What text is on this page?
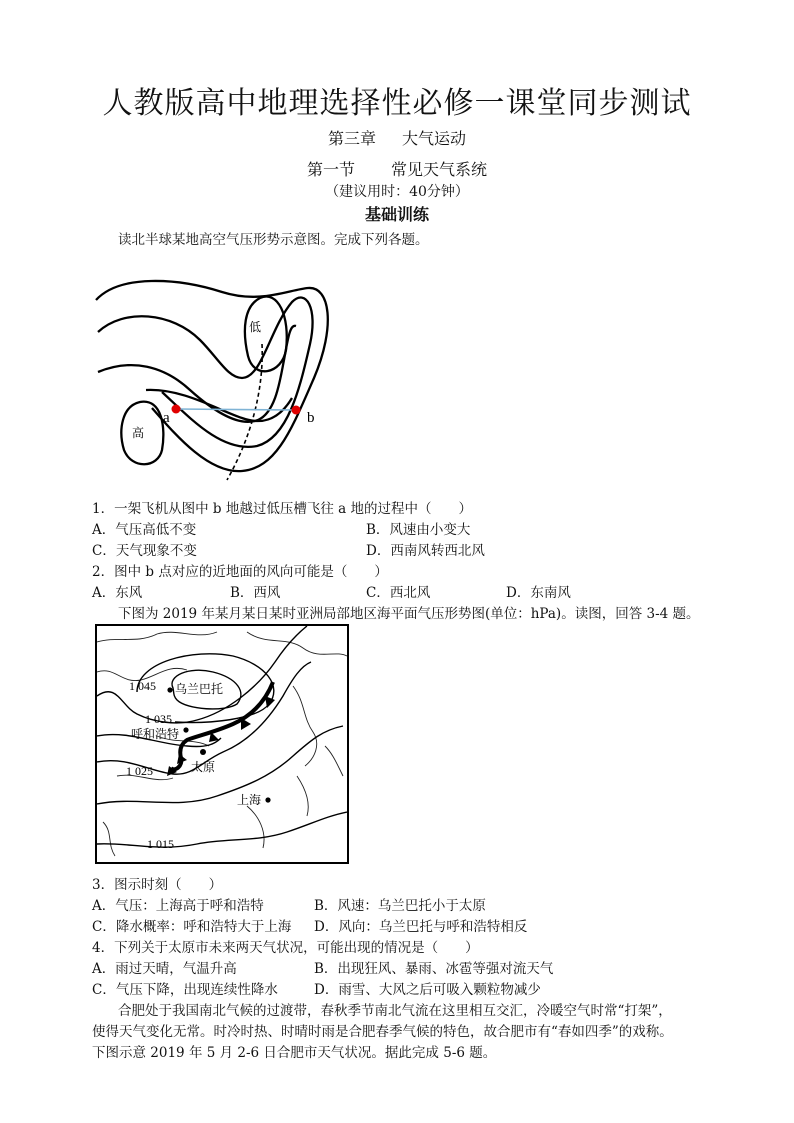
人教版高中地理选择性必修一课堂同步测试
第三章 大气运动
第一节 常见天气系统
（建议用时：40分钟）
基础训练
读北半球某地高空气压形势示意图。完成下列各题。
低
高
a	b
1．一架飞机从图中 b 地越过低压槽飞往 a 地的过程中（　　）
A．气压高低不变	B．风速由小变大
C．天气现象不变	D．西南风转西北风
2．图中 b 点对应的近地面的风向可能是（　　）
A．东风	B．西风	C．西北风	D．东南风
下图为 2019 年某月某日某时亚洲局部地区海平面气压形势图(单位：hPa)。读图，回答 3-4 题。
1 045
1 035
1 025
1 015
乌兰巴托
呼和浩特
太原
上海
3．图示时刻（　　）
A．气压：上海高于呼和浩特	B．风速：乌兰巴托小于太原
C．降水概率：呼和浩特大于上海 D．风向：乌兰巴托与呼和浩特相反
4．下列关于太原市未来两天气状况，可能出现的情况是（　　）
A．雨过天晴，气温升高	B．出现狂风、暴雨、冰雹等强对流天气
C．气压下降，出现连续性降水	D．雨雪、大风之后可吸入颗粒物减少
合肥处于我国南北气候的过渡带，春秋季节南北气流在这里相互交汇，冷暖空气时常“打架”，
使得天气变化无常。时冷时热、时晴时雨是合肥春季气候的特色，故合肥市有“春如四季”的戏称。
下图示意 2019 年 5 月 2-6 日合肥市天气状况。据此完成 5-6 题。
